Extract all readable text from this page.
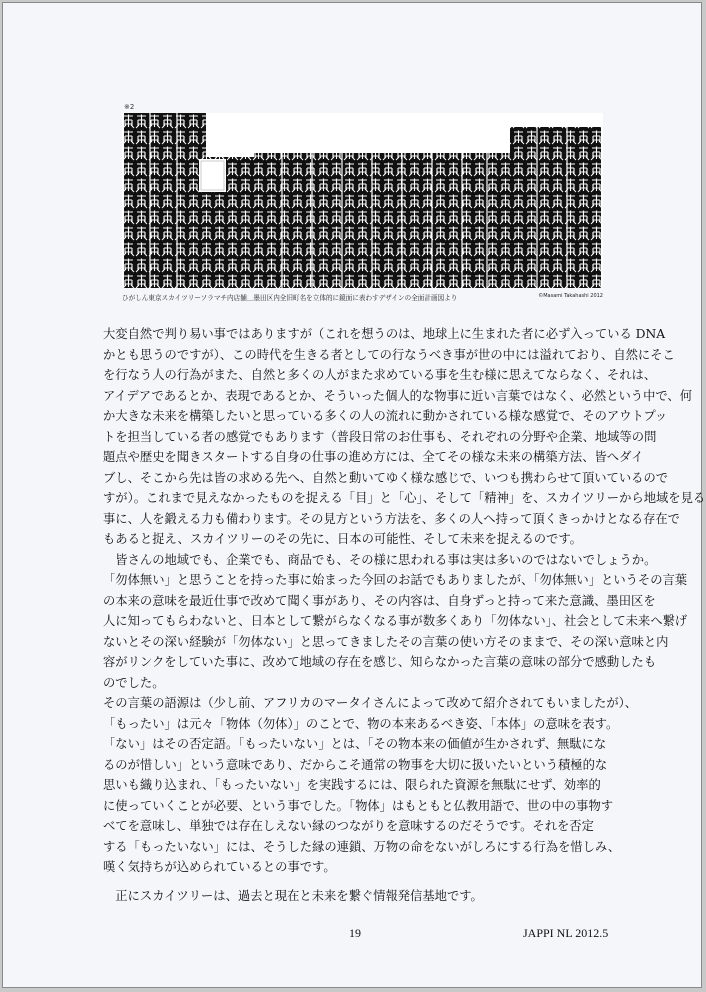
※2
ひがしん東京スカイツリーソラマチ内店舗＿墨田区内全旧町名を立体的に鏡面に表わすデザインの全面計画図より	©Masami Takahashi 2012

大変自然で判り易い事ではありますが（これを想うのは、地球上に生まれた者に必ず入っている DNA

かとも思うのですが）、この時代を生きる者としての行なうべき事が世の中には溢れており、自然にそこ

を行なう人の行為がまた、自然と多くの人がまた求めている事を生む様に思えてならなく、それは、

アイデアであるとか、表現であるとか、そういった個人的な物事に近い言葉ではなく、必然という中で、何

か大きな未来を構築したいと思っている多くの人の流れに動かされている様な感覚で、そのアウトプッ

トを担当している者の感覚でもあります（普段日常のお仕事も、それぞれの分野や企業、地域等の問

題点や歴史を聞きスタートする自身の仕事の進め方には、全てその様な未来の構築方法、皆へダイ

ブし、そこから先は皆の求める先へ、自然と動いてゆく様な感じで、いつも携わらせて頂いているので

すが）。これまで見えなかったものを捉える「目」と「心」、そして「精神」を、スカイツリーから地域を見る

事に、人を鍛える力も備わります。その見方という方法を、多くの人へ持って頂くきっかけとなる存在で

もあると捉え、スカイツリーのその先に、日本の可能性、そして未来を捉えるのです。

　皆さんの地域でも、企業でも、商品でも、その様に思われる事は実は多いのではないでしょうか。

「勿体無い」と思うことを持った事に始まった今回のお話でもありましたが、「勿体無い」というその言葉

の本来の意味を最近仕事で改めて聞く事があり、その内容は、自身ずっと持って来た意識、墨田区を

人に知ってもらわないと、日本として繋がらなくなる事が数多くあり「勿体ない」、社会として未来へ繋げ

ないとその深い経験が「勿体ない」と思ってきましたその言葉の使い方そのままで、その深い意味と内

容がリンクをしていた事に、改めて地域の存在を感じ、知らなかった言葉の意味の部分で感動したも

のでした。

その言葉の語源は（少し前、アフリカのマータイさんによって改めて紹介されてもいましたが）、

「もったい」は元々「物体（勿体）」のことで、物の本来あるべき姿、「本体」の意味を表す。

「ない」はその否定語。「もったいない」とは、「その物本来の価値が生かされず、無駄にな

るのが惜しい」という意味であり、だからこそ通常の物事を大切に扱いたいという積極的な

思いも織り込まれ、「もったいない」を実践するには、限られた資源を無駄にせず、効率的

に使っていくことが必要、という事でした。「物体」はもともと仏教用語で、世の中の事物す

べてを意味し、単独では存在しえない縁のつながりを意味するのだそうです。それを否定

する「もったいない」には、そうした縁の連鎖、万物の命をないがしろにする行為を惜しみ、

嘆く気持ちが込められているとの事です。

　正にスカイツリーは、過去と現在と未来を繋ぐ情報発信基地です。

19	JAPPI NL 2012.5
